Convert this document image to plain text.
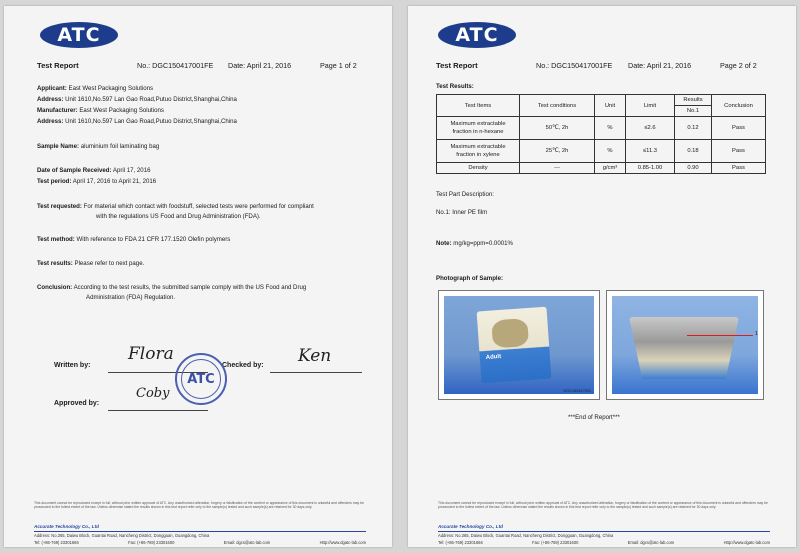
ATC
Test Report	No.: DGC150417001FE Date: April 21, 2016	Page 1 of 2
Applicant: East West Packaging Solutions
Address: Unit 1610,No.597 Lan Gao Road,Putuo District,Shanghai,China
Manufacturer: East West Packaging Solutions
Address: Unit 1610,No.597 Lan Gao Road,Putuo District,Shanghai,China
Sample Name: aluminium foil laminating bag
Date of Sample Received: April 17, 2016
Test period: April 17, 2016 to April 21, 2016
Test requested: For material which contact with foodstuff, selected tests were performed for compliant
with the regulations US Food and Drug Administration (FDA).
Test method: With reference to FDA 21 CFR 177.1520 Olefin polymers
Test results: Please refer to next page.
Conclusion: According to the test results, the submitted sample comply with the US Food and Drug
Administration (FDA) Regulation.
Written by:
Flora
Checked by: Ken
Approved by:
Coby
ATC
This document cannot be reproduced except in full, without prior written approval of ATC. Any unauthorized alteration, forgery or falsification of the content or appearance of this document is unlawful and offenders may be prosecuted to the fullest extent of the law. Unless otherwise stated the results shown in this test report refer only to the sample(s) tested and such sample(s) are retained for 30 days only.
Accurate Technology Co., Ltd
Address: No.365, Daiwu Block, Guantai Road, Nancheng District, Dongguan, Guangdong, China
Tel: (+86-769) 23301666	Fax: (+86-769) 23301600	Email: dgcs@atc-lab.com	Http://www.dgatc-lab.com
ATC
Test Report	No.: DGC150417001FE Date: April 21, 2016	Page 2 of 2
Test Results:
Test Items	Test conditions	Unit	Limit	Results	Conclusion
				No.1	
Maximum extractable
fraction in n-hexane	50℃, 2h	%	≤2.6	0.12	Pass
Maximum extractable
fraction in xylene	25℃, 2h	%	≤11.3	0.18	Pass
Density	---	g/cm³	0.85-1.00	0.90	Pass
Test Part Description:
No.1: Inner PE film
Note: mg/kg=ppm=0.0001%
Photograph of Sample:
Adult
DGC150417001
1
***End of Report***
This document cannot be reproduced except in full, without prior written approval of ATC. Any unauthorized alteration, forgery or falsification of the content or appearance of this document is unlawful and offenders may be prosecuted to the fullest extent of the law. Unless otherwise stated the results shown in this test report refer only to the sample(s) tested and such sample(s) are retained for 30 days only.
Accurate Technology Co., Ltd
Address: No.365, Daiwu Block, Guantai Road, Nancheng District, Dongguan, Guangdong, China
Tel: (+86-769) 23301666	Fax: (+86-769) 23301600	Email: dgcs@atc-lab.com	Http://www.dgatc-lab.com
